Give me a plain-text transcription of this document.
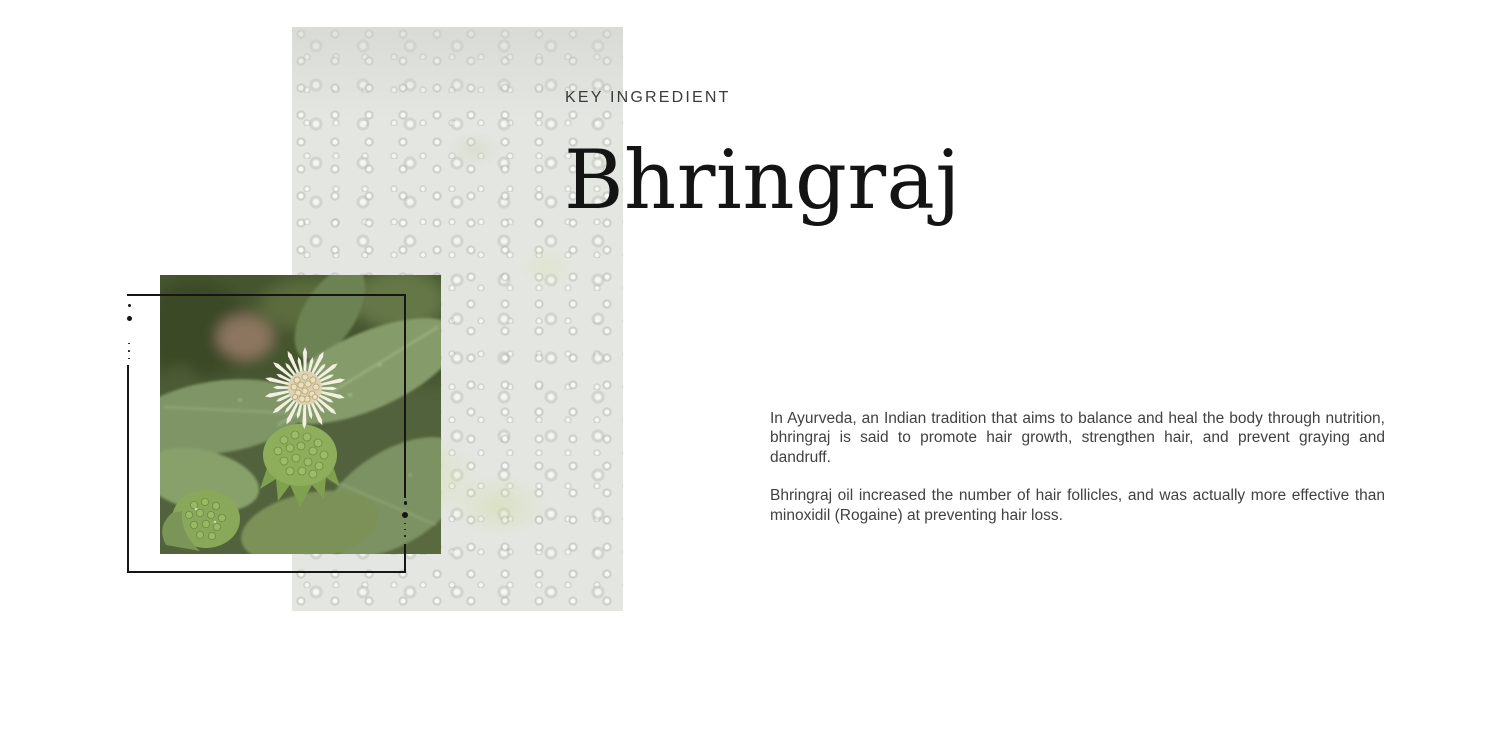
KEY INGREDIENT
Bhringraj

In Ayurveda, an Indian tradition that aims to balance and heal the body through nutrition, bhringraj is said to promote hair growth, strengthen hair, and prevent graying and dandruff.

Bhringraj oil increased the number of hair follicles, and was actually more effective than minoxidil (Rogaine) at preventing hair loss.
